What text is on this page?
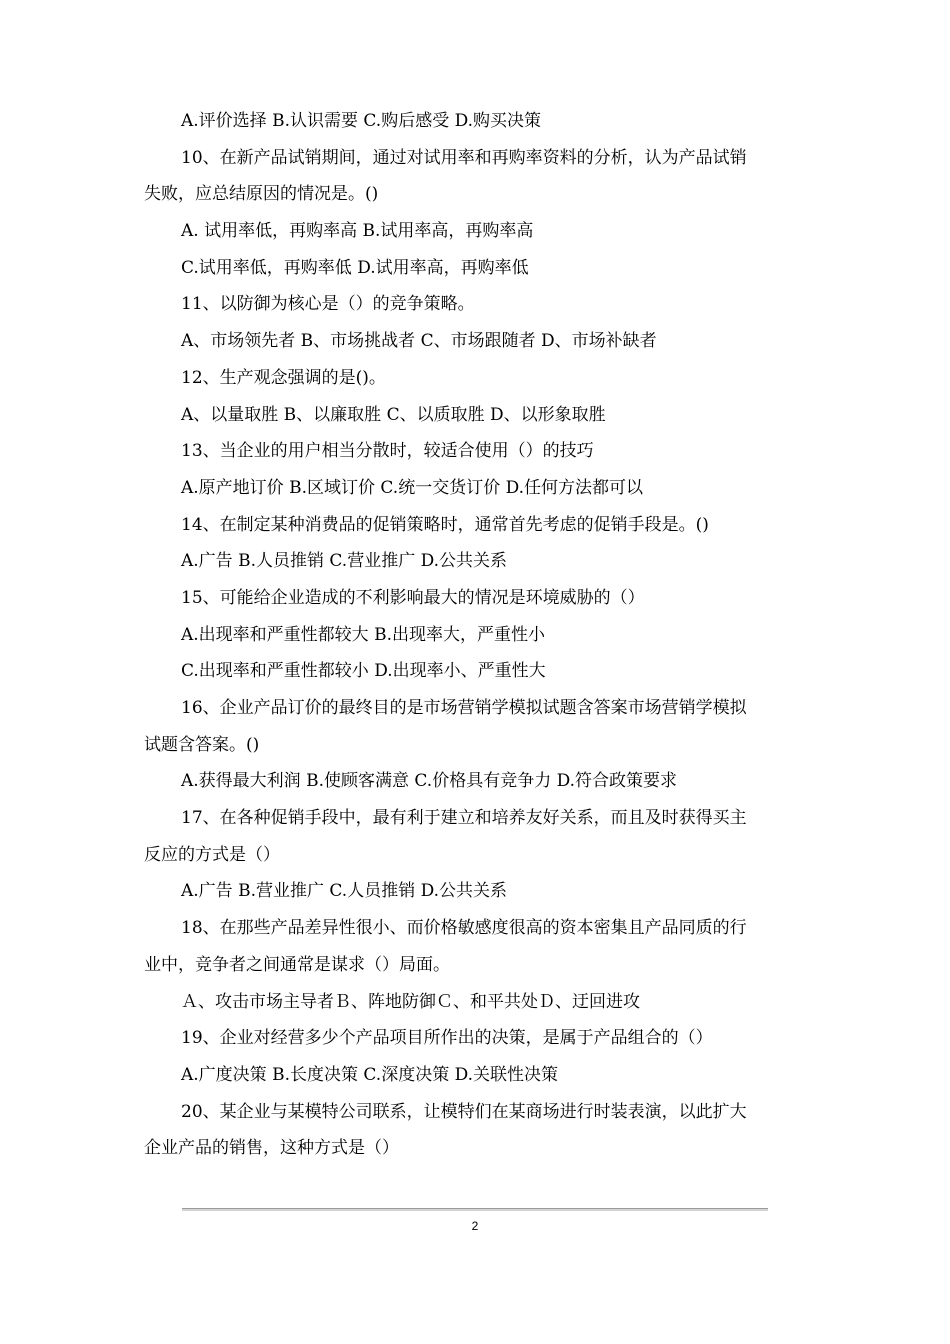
A.评价选择 B.认识需要 C.购后感受 D.购买决策
10、在新产品试销期间，通过对试用率和再购率资料的分析，认为产品试销
失败，应总结原因的情况是。()
A. 试用率低，再购率高 B.试用率高，再购率高
C.试用率低，再购率低 D.试用率高，再购率低
11、以防御为核心是（）的竞争策略。
A、市场领先者 B、市场挑战者 C、市场跟随者 D、市场补缺者
12、生产观念强调的是()。
A、以量取胜 B、以廉取胜 C、以质取胜 D、以形象取胜
13、当企业的用户相当分散时，较适合使用（）的技巧
A.原产地订价 B.区域订价 C.统一交货订价 D.任何方法都可以
14、在制定某种消费品的促销策略时，通常首先考虑的促销手段是。()
A.广告 B.人员推销 C.营业推广 D.公共关系
15、可能给企业造成的不利影响最大的情况是环境威胁的（）
A.出现率和严重性都较大 B.出现率大，严重性小
C.出现率和严重性都较小 D.出现率小、严重性大
16、企业产品订价的最终目的是市场营销学模拟试题含答案市场营销学模拟
试题含答案。()
A.获得最大利润 B.使顾客满意 C.价格具有竞争力 D.符合政策要求
17、在各种促销手段中，最有利于建立和培养友好关系，而且及时获得买主
反应的方式是（）
A.广告 B.营业推广 C.人员推销 D.公共关系
18、在那些产品差异性很小、而价格敏感度很高的资本密集且产品同质的行
业中，竞争者之间通常是谋求（）局面。
Ａ、攻击市场主导者Ｂ、阵地防御Ｃ、和平共处Ｄ、迂回进攻
19、企业对经营多少个产品项目所作出的决策，是属于产品组合的（）
A.广度决策 B.长度决策 C.深度决策 D.关联性决策
20、某企业与某模特公司联系，让模特们在某商场进行时装表演，以此扩大
企业产品的销售，这种方式是（）
2
